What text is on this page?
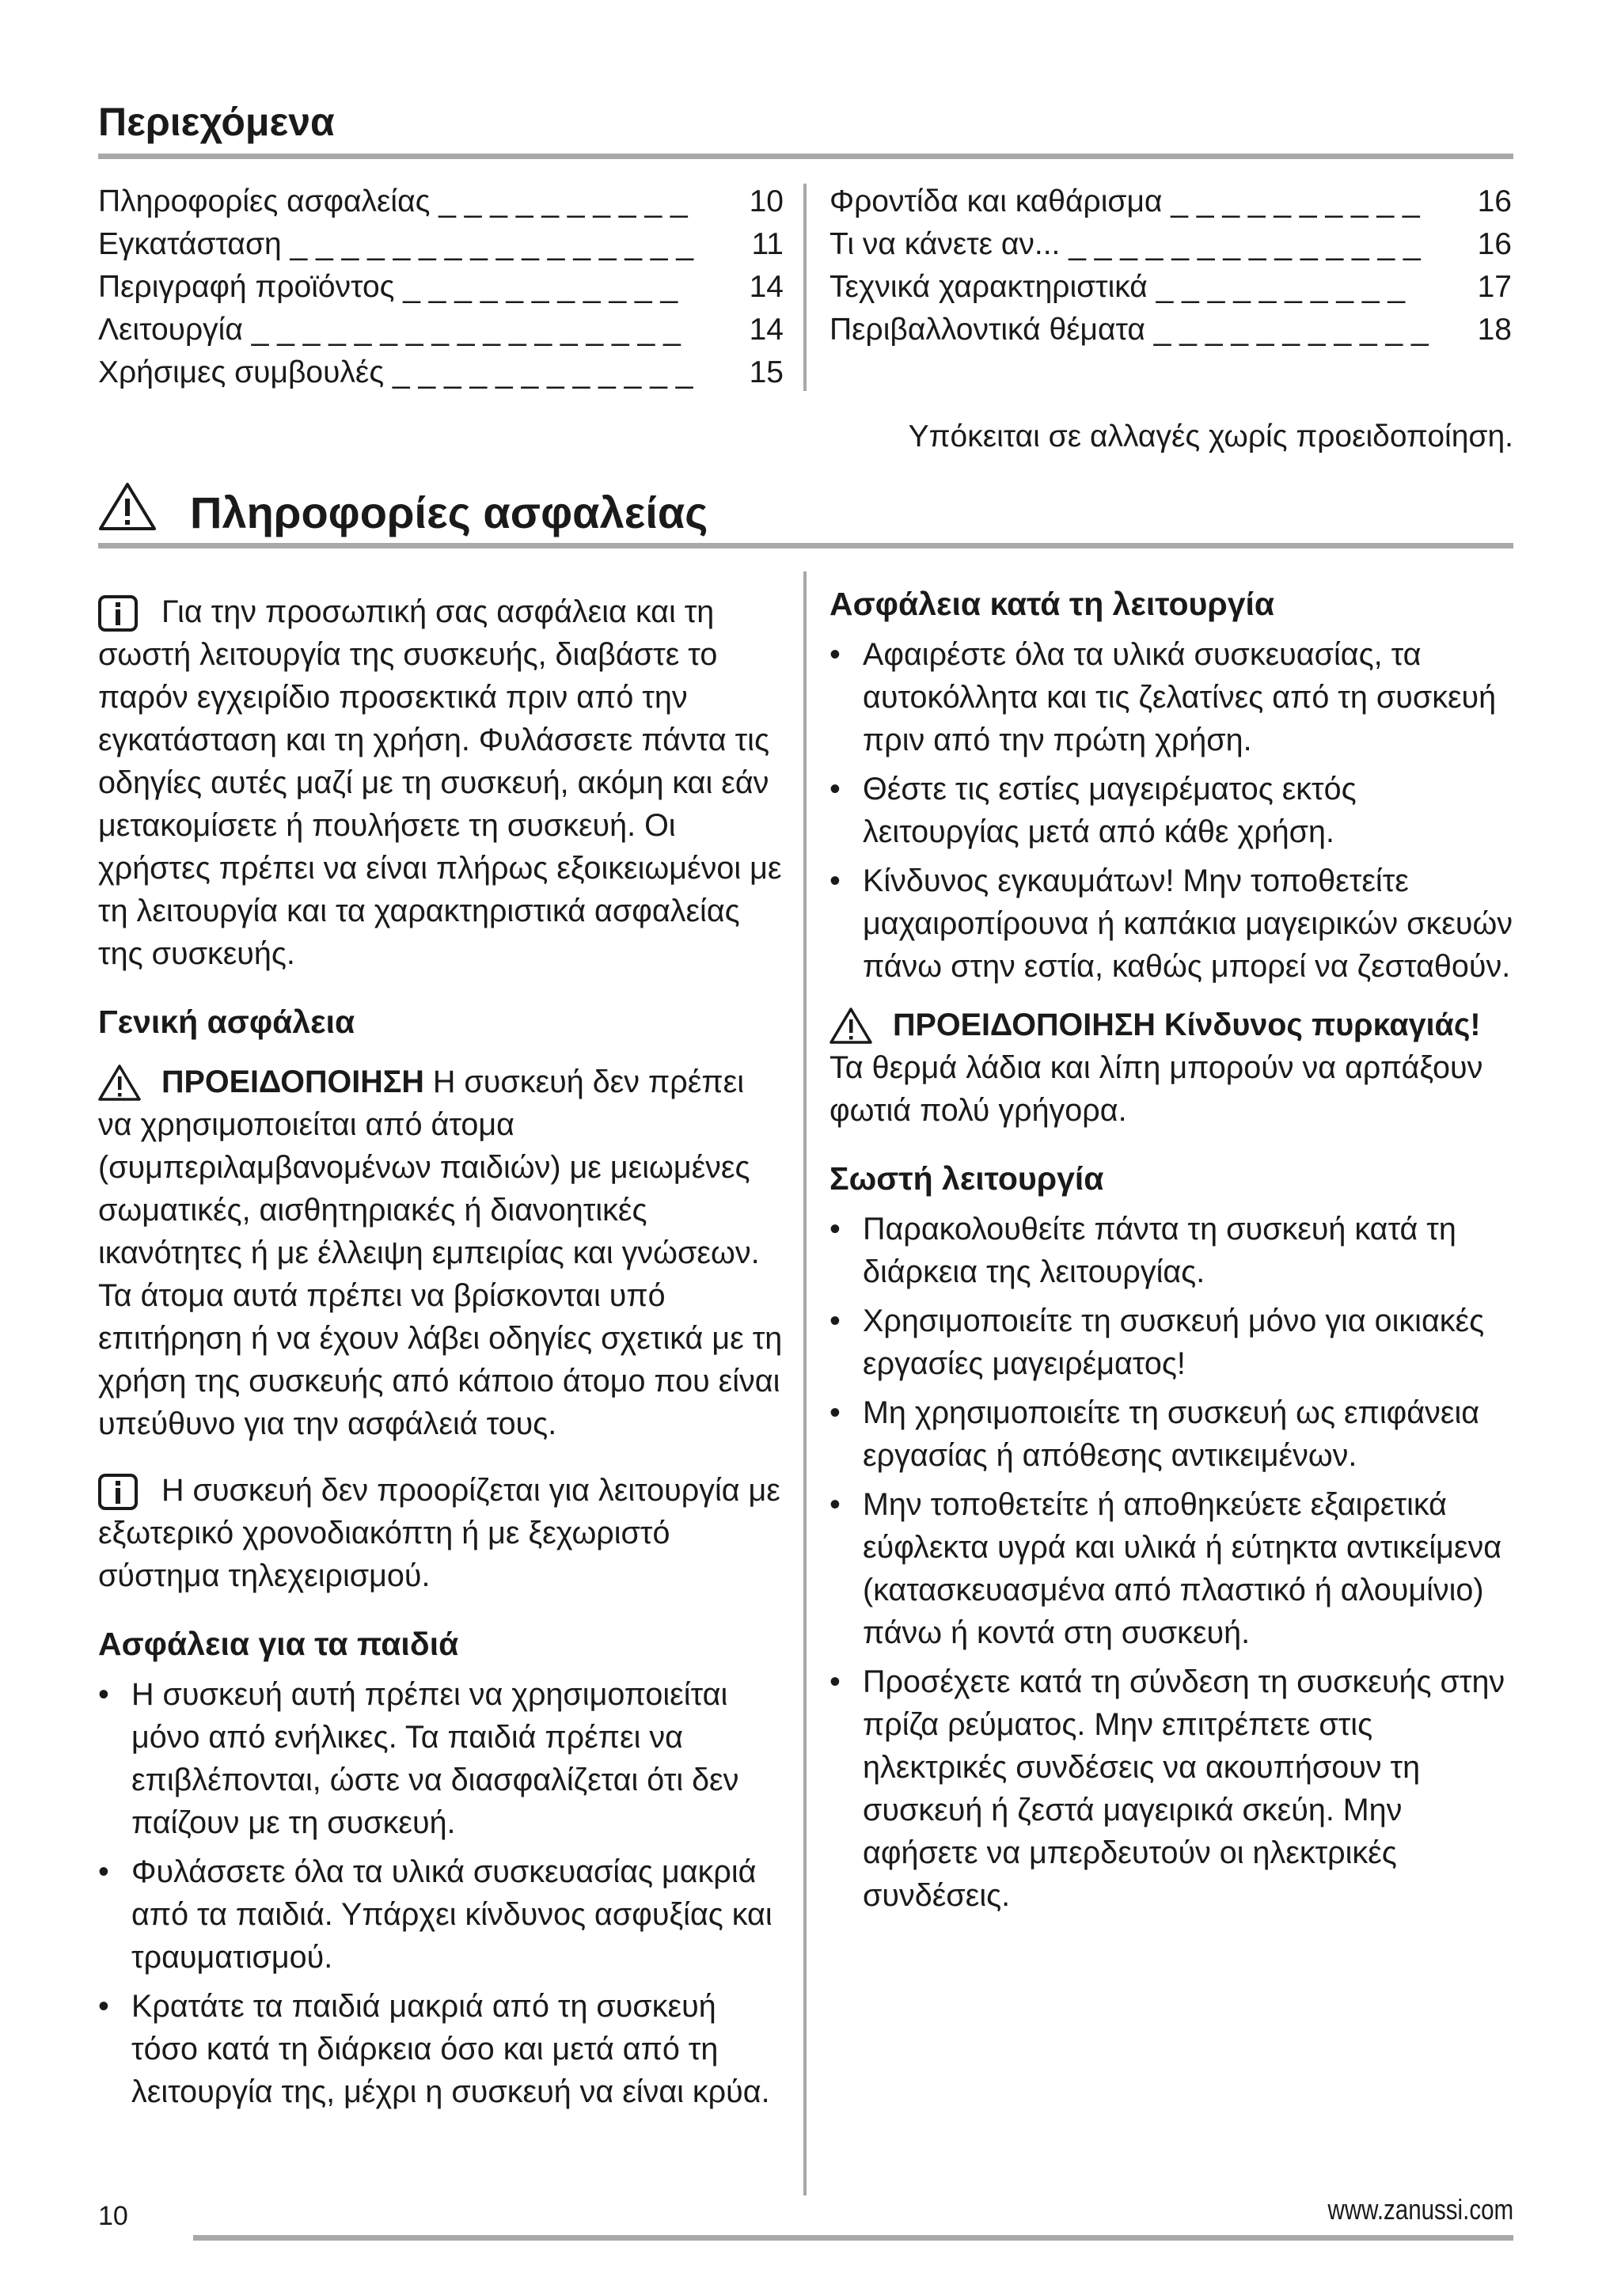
Περιεχόμενα
Πληροφορίες ασφαλείας _ _ _ _ _ _ _ _ _ _ 10
Εγκατάσταση _ _ _ _ _ _ _ _ _ _ _ _ _ _ _ _ 11
Περιγραφή προϊόντος _ _ _ _ _ _ _ _ _ _ _ 14
Λειτουργία _ _ _ _ _ _ _ _ _ _ _ _ _ _ _ _ _ 14
Χρήσιμες συμβουλές _ _ _ _ _ _ _ _ _ _ _ _ 15
Φροντίδα και καθάρισμα _ _ _ _ _ _ _ _ _ _ 16
Τι να κάνετε αν... _ _ _ _ _ _ _ _ _ _ _ _ _ _ 16
Τεχνικά χαρακτηριστικά _ _ _ _ _ _ _ _ _ _ 17
Περιβαλλοντικά θέματα _ _ _ _ _ _ _ _ _ _ _ 18
Υπόκειται σε αλλαγές χωρίς προειδοποίηση.
Πληροφορίες ασφαλείας

Για την προσωπική σας ασφάλεια και τη σωστή λειτουργία της συσκευής, διαβάστε το παρόν εγχειρίδιο προσεκτικά πριν από την εγκατάσταση και τη χρήση. Φυλάσσετε πάντα τις οδηγίες αυτές μαζί με τη συσκευή, ακόμη και εάν μετακομίσετε ή πουλήσετε τη συσκευή. Οι χρήστες πρέπει να είναι πλήρως εξοικειωμένοι με τη λειτουργία και τα χαρακτηριστικά ασφαλείας της συσκευής.

Γενική ασφάλεια

ΠΡΟΕΙΔΟΠΟΙΗΣΗ Η συσκευή δεν πρέπει να χρησιμοποιείται από άτομα (συμπεριλαμβανομένων παιδιών) με μειωμένες σωματικές, αισθητηριακές ή διανοητικές ικανότητες ή με έλλειψη εμπειρίας και γνώσεων. Τα άτομα αυτά πρέπει να βρίσκονται υπό επιτήρηση ή να έχουν λάβει οδηγίες σχετικά με τη χρήση της συσκευής από κάποιο άτομο που είναι υπεύθυνο για την ασφάλειά τους.

Η συσκευή δεν προορίζεται για λειτουργία με εξωτερικό χρονοδιακόπτη ή με ξεχωριστό σύστημα τηλεχειρισμού.

Ασφάλεια για τα παιδιά
• Η συσκευή αυτή πρέπει να χρησιμοποιείται μόνο από ενήλικες. Τα παιδιά πρέπει να επιβλέπονται, ώστε να διασφαλίζεται ότι δεν παίζουν με τη συσκευή.
• Φυλάσσετε όλα τα υλικά συσκευασίας μακριά από τα παιδιά. Υπάρχει κίνδυνος ασφυξίας και τραυματισμού.
• Κρατάτε τα παιδιά μακριά από τη συσκευή τόσο κατά τη διάρκεια όσο και μετά από τη λειτουργία της, μέχρι η συσκευή να είναι κρύα.
Ασφάλεια κατά τη λειτουργία
• Αφαιρέστε όλα τα υλικά συσκευασίας, τα αυτοκόλλητα και τις ζελατίνες από τη συσκευή πριν από την πρώτη χρήση.
• Θέστε τις εστίες μαγειρέματος εκτός λειτουργίας μετά από κάθε χρήση.
• Κίνδυνος εγκαυμάτων! Μην τοποθετείτε μαχαιροπίρουνα ή καπάκια μαγειρικών σκευών πάνω στην εστία, καθώς μπορεί να ζεσταθούν.

ΠΡΟΕΙΔΟΠΟΙΗΣΗ Κίνδυνος πυρκαγιάς! Τα θερμά λάδια και λίπη μπορούν να αρπάξουν φωτιά πολύ γρήγορα.

Σωστή λειτουργία
• Παρακολουθείτε πάντα τη συσκευή κατά τη διάρκεια της λειτουργίας.
• Χρησιμοποιείτε τη συσκευή μόνο για οικιακές εργασίες μαγειρέματος!
• Μη χρησιμοποιείτε τη συσκευή ως επιφάνεια εργασίας ή απόθεσης αντικειμένων.
• Μην τοποθετείτε ή αποθηκεύετε εξαιρετικά εύφλεκτα υγρά και υλικά ή εύτηκτα αντικείμενα (κατασκευασμένα από πλαστικό ή αλουμίνιο) πάνω ή κοντά στη συσκευή.
• Προσέχετε κατά τη σύνδεση τη συσκευής στην πρίζα ρεύματος. Μην επιτρέπετε στις ηλεκτρικές συνδέσεις να ακουπήσουν τη συσκευή ή ζεστά μαγειρικά σκεύη. Μην αφήσετε να μπερδευτούν οι ηλεκτρικές συνδέσεις.
10	www.zanussi.com
